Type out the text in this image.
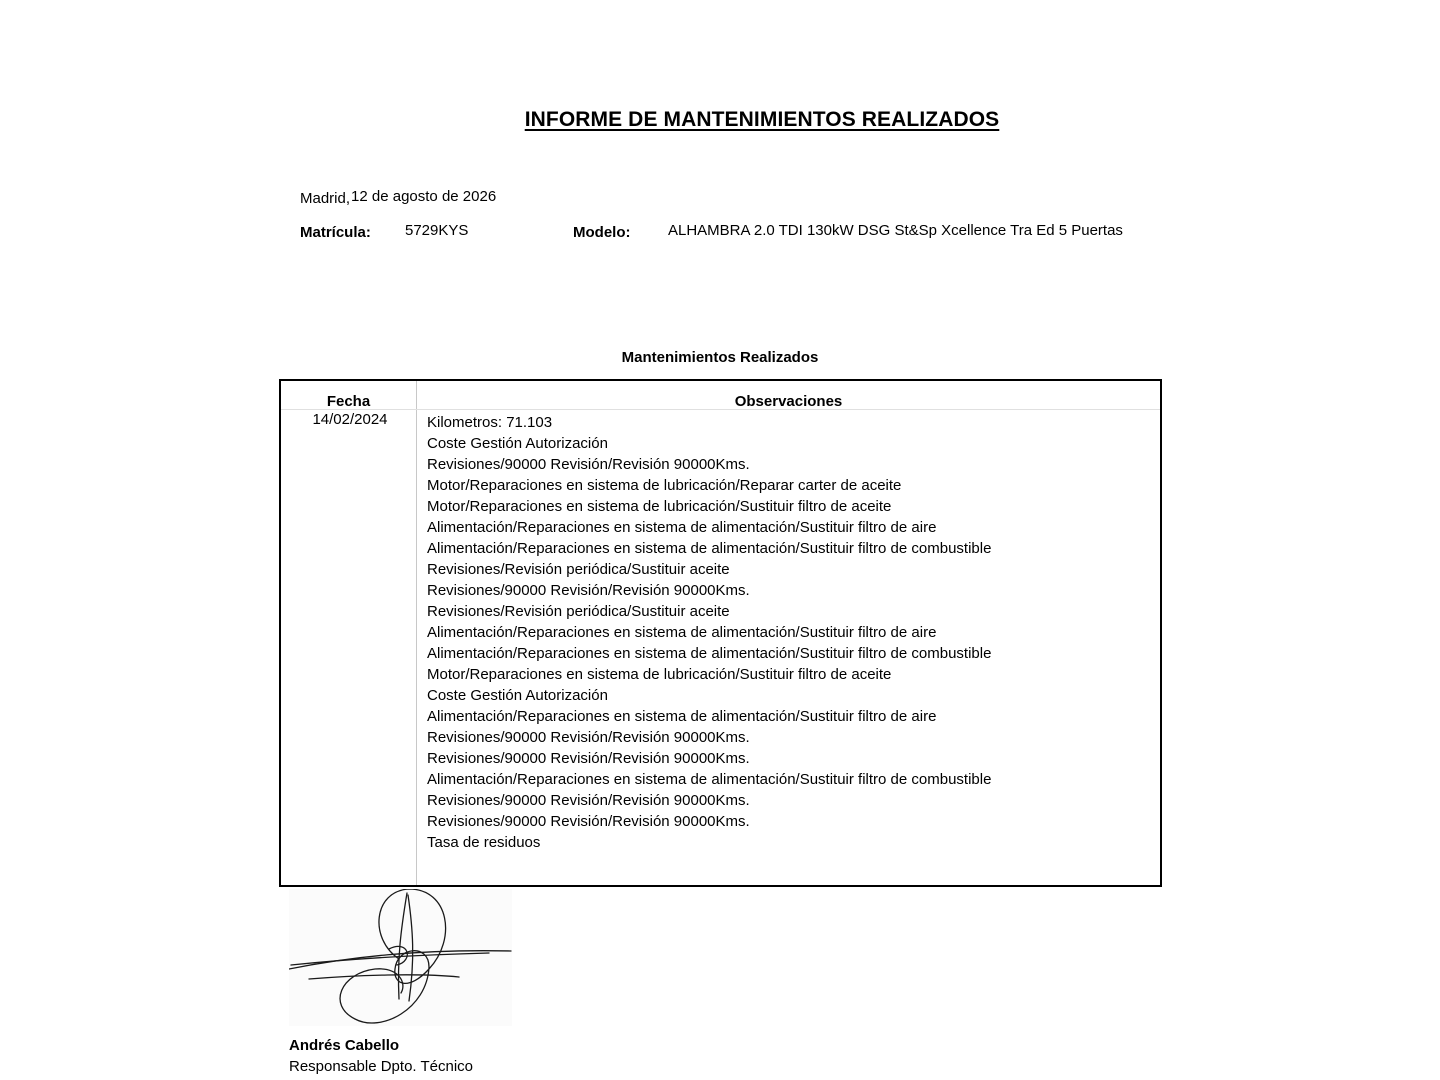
INFORME DE MANTENIMIENTOS REALIZADOS
Madrid,12 de agosto de 2026
Matrícula: 5729KYS	Modelo:	ALHAMBRA 2.0 TDI 130kW DSG St&Sp Xcellence Tra Ed 5 Puertas
Mantenimientos Realizados
Fecha	Observaciones
14/02/2024	Kilometros: 71.103
Coste Gestión Autorización
Revisiones/90000 Revisión/Revisión 90000Kms.
Motor/Reparaciones en sistema de lubricación/Reparar carter de aceite
Motor/Reparaciones en sistema de lubricación/Sustituir filtro de aceite
Alimentación/Reparaciones en sistema de alimentación/Sustituir filtro de aire
Alimentación/Reparaciones en sistema de alimentación/Sustituir filtro de combustible
Revisiones/Revisión periódica/Sustituir aceite
Revisiones/90000 Revisión/Revisión 90000Kms.
Revisiones/Revisión periódica/Sustituir aceite
Alimentación/Reparaciones en sistema de alimentación/Sustituir filtro de aire
Alimentación/Reparaciones en sistema de alimentación/Sustituir filtro de combustible
Motor/Reparaciones en sistema de lubricación/Sustituir filtro de aceite
Coste Gestión Autorización
Alimentación/Reparaciones en sistema de alimentación/Sustituir filtro de aire
Revisiones/90000 Revisión/Revisión 90000Kms.
Revisiones/90000 Revisión/Revisión 90000Kms.
Alimentación/Reparaciones en sistema de alimentación/Sustituir filtro de combustible
Revisiones/90000 Revisión/Revisión 90000Kms.
Revisiones/90000 Revisión/Revisión 90000Kms.
Tasa de residuos
Andrés Cabello
Responsable Dpto. Técnico
